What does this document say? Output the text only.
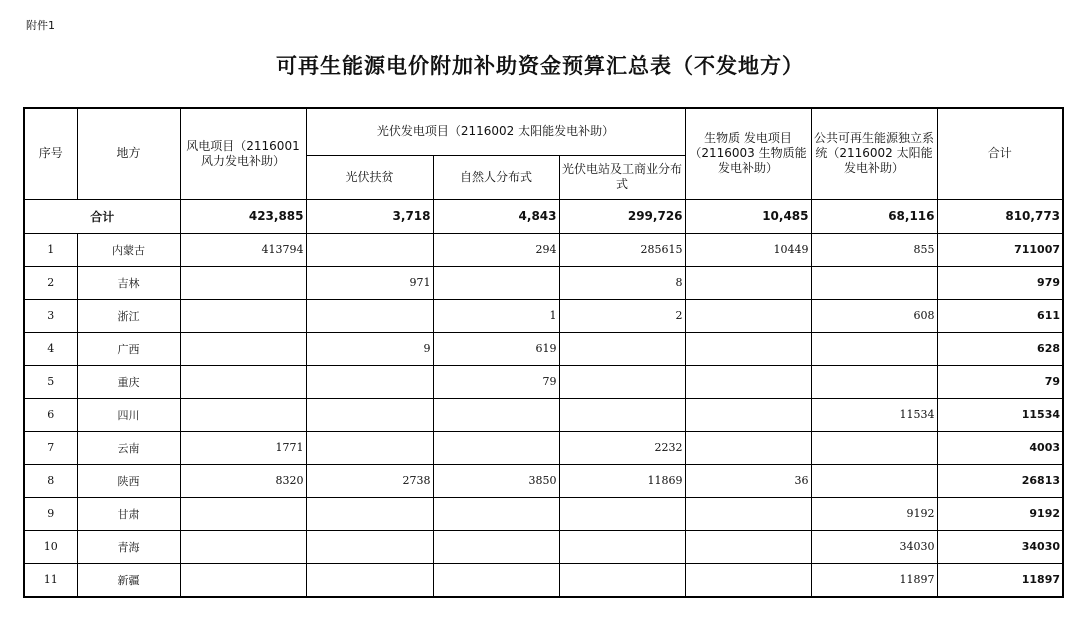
附件1
可再生能源电价附加补助资金预算汇总表（不发地方）
序号	地方	风电项目（2116001 风力发电补助）	光伏发电项目（2116002 太阳能发电补助）			生物质 发电项目（2116003 生物质能发电补助）	公共可再生能源独立系统（2116002 太阳能发电补助）	合计
			光伏扶贫	自然人分布式	光伏电站及工商业分布式			
合计		423,885	3,718	4,843	299,726	10,485	68,116	810,773
1	内蒙古	413794		294	285615	10449	855	711007
2	吉林		971		8			979
3	浙江			1	2		608	611
4	广西		9	619				628
5	重庆			79				79
6	四川						11534	11534
7	云南	1771			2232			4003
8	陕西	8320	2738	3850	11869	36		26813
9	甘肃						9192	9192
10	青海						34030	34030
11	新疆						11897	11897
